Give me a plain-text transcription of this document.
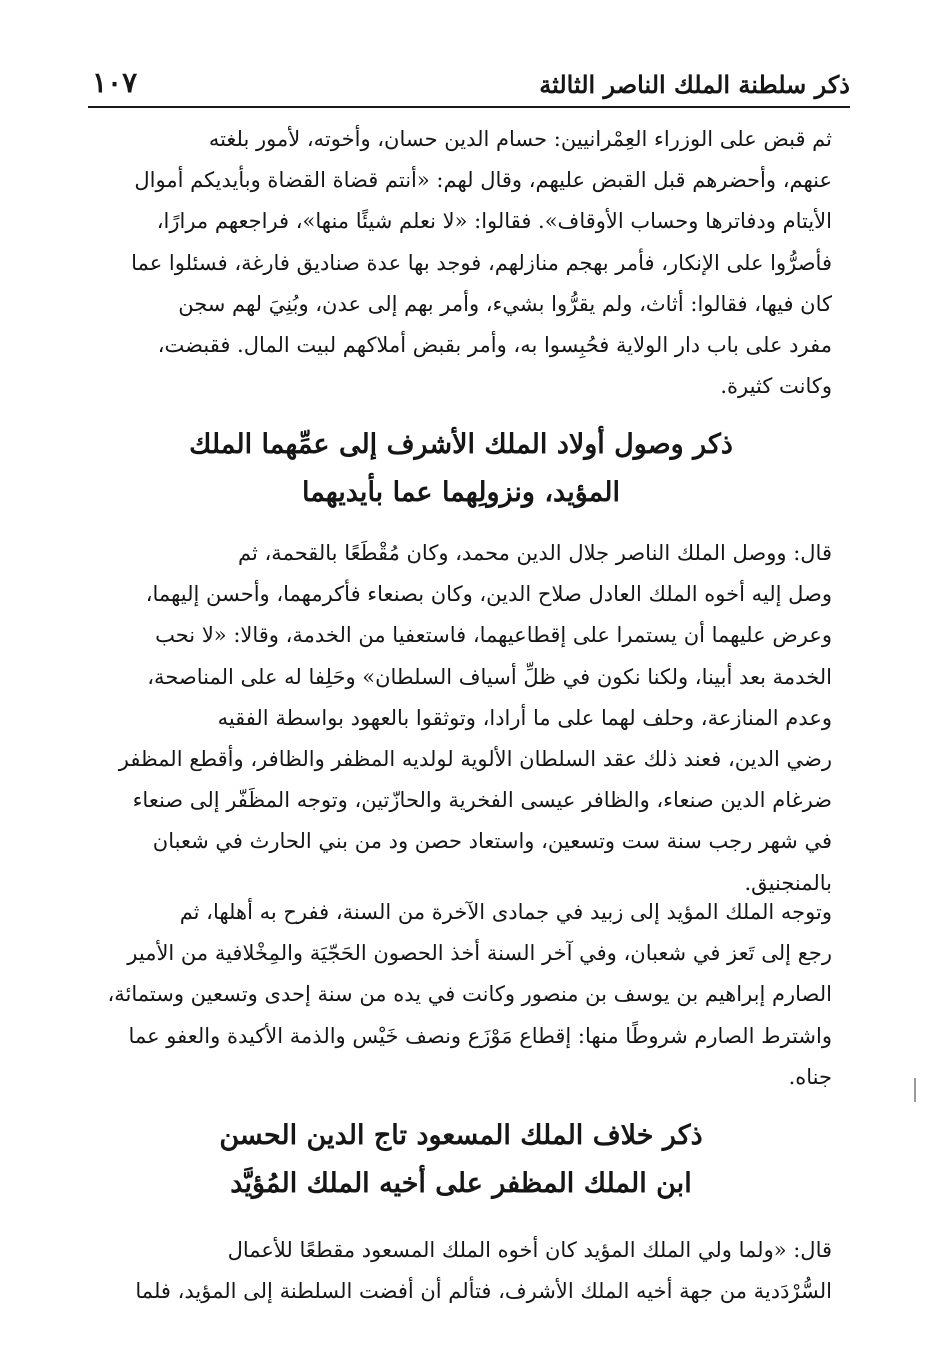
ذكر سلطنة الملك الناصر الثالثة
١٠٧

ثم قبض على الوزراء العِمْرانيين: حسام الدين حسان، وأخوته، لأمور بلغته
عنهم، وأحضرهم قبل القبض عليهم، وقال لهم: «أنتم قضاة القضاة وبأيديكم أموال
الأيتام ودفاترها وحساب الأوقاف». فقالوا: «لا نعلم شيئًا منها»، فراجعهم مرارًا،
فأصرُّوا على الإنكار، فأمر بهجم منازلهم، فوجد بها عدة صناديق فارغة، فسئلوا عما
كان فيها، فقالوا: أثاث، ولم يقرُّوا بشيء، وأمر بهم إلى عدن، وبُنِيَ لهم سجن
مفرد على باب دار الولاية فحُبِسوا به، وأمر بقبض أملاكهم لبيت المال. فقبضت،
وكانت كثيرة.

ذكر وصول أولاد الملك الأشرف إلى عمِّهما الملك
المؤيد، ونزولِهما عما بأيديهما

قال: ووصل الملك الناصر جلال الدين محمد، وكان مُقْطَعًا بالقحمة، ثم
وصل إليه أخوه الملك العادل صلاح الدين، وكان بصنعاء فأكرمهما، وأحسن إليهما،
وعرض عليهما أن يستمرا على إقطاعيهما، فاستعفيا من الخدمة، وقالا: «لا نحب
الخدمة بعد أبينا، ولكنا نكون في ظلِّ أسياف السلطان» وحَلِفا له على المناصحة،
وعدم المنازعة، وحلف لهما على ما أرادا، وتوثقوا بالعهود بواسطة الفقيه
رضي الدين، فعند ذلك عقد السلطان الألوية لولديه المظفر والظافر، وأقطع المظفر
ضرغام الدين صنعاء، والظافر عيسى الفخرية والحازّتين، وتوجه المظَفّر إلى صنعاء
في شهر رجب سنة ست وتسعين، واستعاد حصن ود من بني الحارث في شعبان
بالمنجنيق.

وتوجه الملك المؤيد إلى زبيد في جمادى الآخرة من السنة، ففرح به أهلها، ثم
رجع إلى تَعز في شعبان، وفي آخر السنة أخذ الحصون الحَجّيَة والمِخْلافية من الأمير
الصارم إبراهيم بن يوسف بن منصور وكانت في يده من سنة إحدى وتسعين وستمائة،
واشترط الصارم شروطًا منها: إقطاع مَوْزَع ونصف خَيْس والذمة الأكيدة والعفو عما
جناه.

ذكر خلاف الملك المسعود تاج الدين الحسن
ابن الملك المظفر على أخيه الملك المُؤيَّد

قال: «ولما ولي الملك المؤيد كان أخوه الملك المسعود مقطعًا للأعمال
السُّرْدَدية من جهة أخيه الملك الأشرف، فتألم أن أفضت السلطنة إلى المؤيد، فلما
